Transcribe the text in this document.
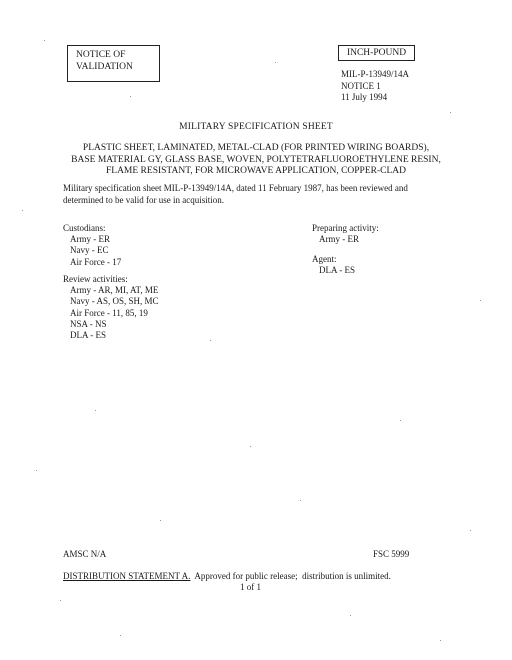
NOTICE OF
VALIDATION
INCH-POUND
MIL-P-13949/14A
NOTICE 1
11 July 1994
MILITARY SPECIFICATION SHEET
PLASTIC SHEET, LAMINATED, METAL-CLAD (FOR PRINTED WIRING BOARDS),
BASE MATERIAL GY, GLASS BASE, WOVEN, POLYTETRAFLUOROETHYLENE RESIN,
FLAME RESISTANT, FOR MICROWAVE APPLICATION, COPPER-CLAD
Military specification sheet MIL-P-13949/14A, dated 11 February 1987, has been reviewed and determined to be valid for use in acquisition.
Custodians:
Army - ER
Navy - EC
Air Force - 17
Review activities:
Army - AR, MI, AT, ME
Navy - AS, OS, SH, MC
Air Force - 11, 85, 19
NSA - NS
DLA - ES
Preparing activity:
Army - ER
Agent:
DLA - ES
AMSC N/A	FSC 5999
DISTRIBUTION STATEMENT A.  Approved for public release;  distribution is unlimited.
1 of 1
